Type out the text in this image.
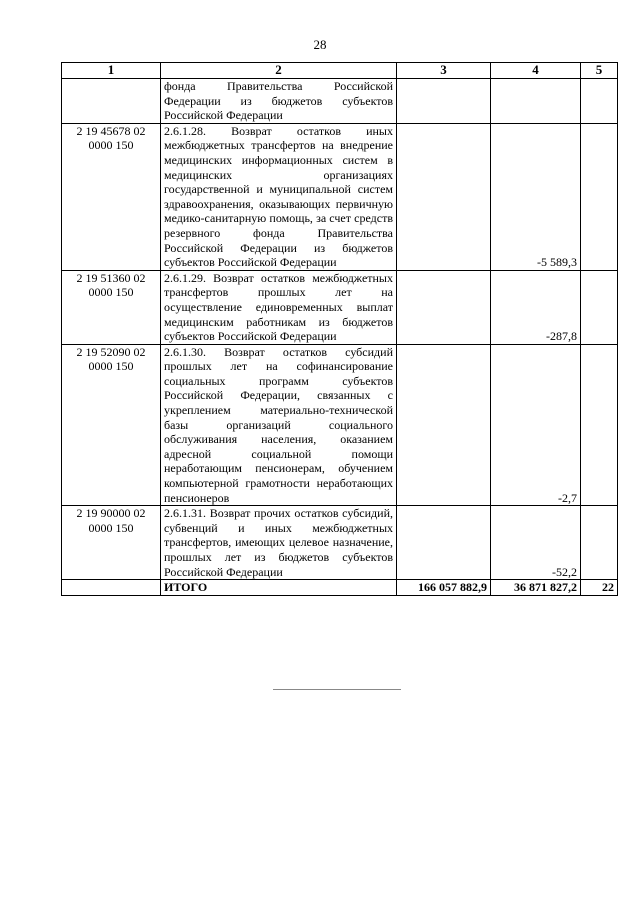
28
1	2	3	4	5
	фонда Правительства Российской Федерации из бюджетов субъектов Российской Федерации			
2 19 45678 02 0000 150	2.6.1.28. Возврат остатков иных межбюджетных трансфертов на внедрение медицинских информационных систем в медицинских организациях государственной и муниципальной систем здравоохранения, оказывающих первичную медико-санитарную помощь, за счет средств резервного фонда Правительства Российской Федерации из бюджетов субъектов Российской Федерации		-5 589,3	
2 19 51360 02 0000 150	2.6.1.29. Возврат остатков межбюджетных трансфертов прошлых лет на осуществление единовременных выплат медицинским работникам из бюджетов субъектов Российской Федерации		-287,8	
2 19 52090 02 0000 150	2.6.1.30. Возврат остатков субсидий прошлых лет на софинансирование социальных программ субъектов Российской Федерации, связанных с укреплением материально-технической базы организаций социального обслуживания населения, оказанием адресной социальной помощи неработающим пенсионерам, обучением компьютерной грамотности неработающих пенсионеров		-2,7	
2 19 90000 02 0000 150	2.6.1.31. Возврат прочих остатков субсидий, субвенций и иных межбюджетных трансфертов, имеющих целевое назначение, прошлых лет из бюджетов субъектов Российской Федерации		-52,2	
	ИТОГО	166 057 882,9	36 871 827,2	22
